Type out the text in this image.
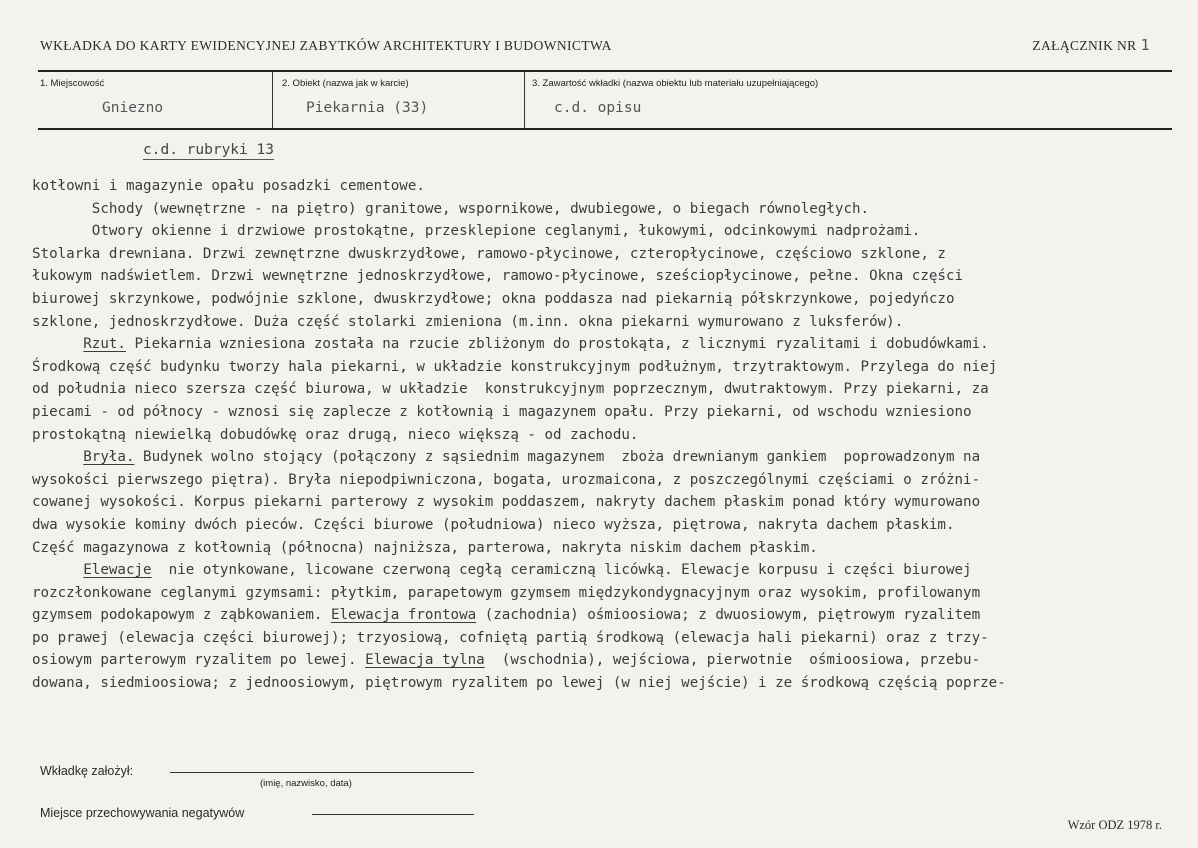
WKŁADKA DO KARTY EWIDENCYJNEJ ZABYTKÓW ARCHITEKTURY I BUDOWNICTWA	ZAŁĄCZNIK NR 1
1. Miejscowość
Gniezno
2. Obiekt (nazwa jak w karcie)
Piekarnia (33)
3. Zawartość wkładki (nazwa obiektu lub materiału uzupełniającego)
c.d. opisu
c.d. rubryki 13
kotłowni i magazynie opału posadzki cementowe.
Schody (wewnętrzne - na piętro) granitowe, wspornikowe, dwubiegowe, o biegach równoległych.
Otwory okienne i drzwiowe prostokątne, przesklepione ceglanymi, łukowymi, odcinkowymi nadprożami.
Stolarka drewniana. Drzwi zewnętrzne dwuskrzydłowe, ramowo-płycinowe, czteropłycinowe, częściowo szklone, z
łukowym nadświetlem. Drzwi wewnętrzne jednoskrzydłowe, ramowo-płycinowe, sześciopłycinowe, pełne. Okna części
biurowej skrzynkowe, podwójnie szklone, dwuskrzydłowe; okna poddasza nad piekarnią półskrzynkowe, pojedyńczo
szklone, jednoskrzydłowe. Duża część stolarki zmieniona (m.inn. okna piekarni wymurowano z luksferów).
Rzut. Piekarnia wzniesiona została na rzucie zbliżonym do prostokąta, z licznymi ryzalitami i dobudówkami.
Środkową część budynku tworzy hala piekarni, w układzie konstrukcyjnym podłużnym, trzytraktowym. Przylega do niej
od południa nieco szersza część biurowa, w układzie  konstrukcyjnym poprzecznym, dwutraktowym. Przy piekarni, za
piecami - od północy - wznosi się zaplecze z kotłownią i magazynem opału. Przy piekarni, od wschodu wzniesiono
prostokątną niewielką dobudówkę oraz drugą, nieco większą - od zachodu.
Bryła. Budynek wolno stojący (połączony z sąsiednim magazynem  zboża drewnianym gankiem  poprowadzonym na
wysokości pierwszego piętra). Bryła niepodpiwniczona, bogata, urozmaicona, z poszczególnymi częściami o zróżni-
cowanej wysokości. Korpus piekarni parterowy z wysokim poddaszem, nakryty dachem płaskim ponad który wymurowano
dwa wysokie kominy dwóch pieców. Części biurowe (południowa) nieco wyższa, piętrowa, nakryta dachem płaskim.
Część magazynowa z kotłownią (północna) najniższa, parterowa, nakryta niskim dachem płaskim.
Elewacje  nie otynkowane, licowane czerwoną cegłą ceramiczną licówką. Elewacje korpusu i części biurowej
rozczłonkowane ceglanymi gzymsami: płytkim, parapetowym gzymsem międzykondygnacyjnym oraz wysokim, profilowanym
gzymsem podokapowym z ząbkowaniem. Elewacja frontowa (zachodnia) ośmioosiowa; z dwuosiowym, piętrowym ryzalitem
po prawej (elewacja części biurowej); trzyosiową, cofniętą partią środkową (elewacja hali piekarni) oraz z trzy-
osiowym parterowym ryzalitem po lewej. Elewacja tylna  (wschodnia), wejściowa, pierwotnie  ośmioosiowa, przebu-
dowana, siedmioosiowa; z jednoosiowym, piętrowym ryzalitem po lewej (w niej wejście) i ze środkową częścią poprze-
Wkładkę założył:
(imię, nazwisko, data)
Miejsce przechowywania negatywów
Wzór ODZ 1978 r.
